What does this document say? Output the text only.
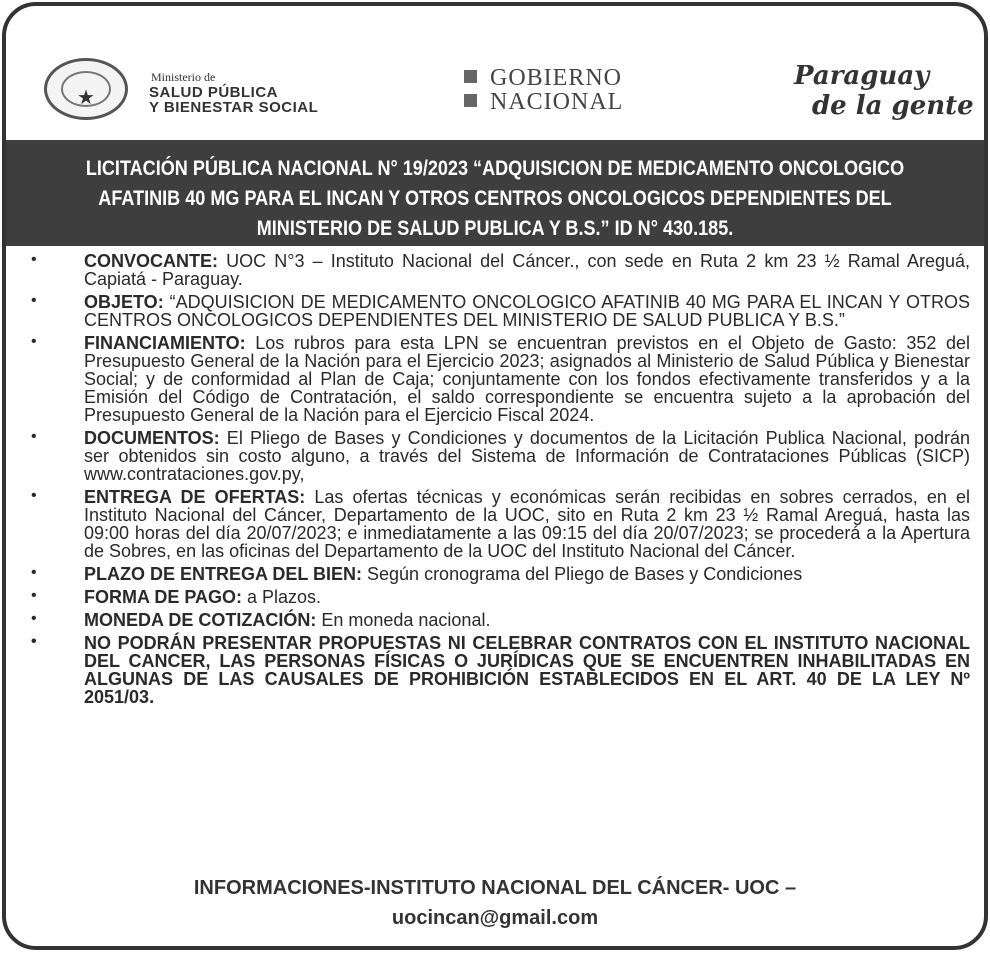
★
Ministerio de
SALUD PÚBLICA
Y BIENESTAR SOCIAL
GOBIERNO
NACIONAL
Paraguay
de la gente
LICITACIÓN PÚBLICA NACIONAL N° 19/2023 “ADQUISICION DE MEDICAMENTO ONCOLOGICO AFATINIB 40 MG PARA EL INCAN Y OTROS CENTROS ONCOLOGICOS DEPENDIENTES DEL MINISTERIO DE SALUD PUBLICA Y B.S.” ID N° 430.185.
•	CONVOCANTE: UOC N°3 – Instituto Nacional del Cáncer., con sede en Ruta 2 km 23 ½ Ramal Areguá, Capiatá - Paraguay.
•	OBJETO: “ADQUISICION DE MEDICAMENTO ONCOLOGICO AFATINIB 40 MG PARA EL INCAN Y OTROS CENTROS ONCOLOGICOS DEPENDIENTES DEL MINISTERIO DE SALUD PUBLICA Y B.S.”
•	FINANCIAMIENTO: Los rubros para esta LPN se encuentran previstos en el Objeto de Gasto: 352 del Presupuesto General de la Nación para el Ejercicio 2023; asignados al Ministerio de Salud Pública y Bienestar Social; y de conformidad al Plan de Caja; conjuntamente con los fondos efectivamente transferidos y a la Emisión del Código de Contratación, el saldo correspondiente se encuentra sujeto a la aprobación del Presupuesto General de la Nación para el Ejercicio Fiscal 2024.
•	DOCUMENTOS: El Pliego de Bases y Condiciones y documentos de la Licitación Publica Nacional, podrán ser obtenidos sin costo alguno, a través del Sistema de Información de Contrataciones Públicas (SICP) www.contrataciones.gov.py,
•	ENTREGA DE OFERTAS: Las ofertas técnicas y económicas serán recibidas en sobres cerrados, en el Instituto Nacional del Cáncer, Departamento de la UOC, sito en Ruta 2 km 23 ½ Ramal Areguá, hasta las 09:00 horas del día 20/07/2023; e inmediatamente a las 09:15 del día 20/07/2023; se procederá a la Apertura de Sobres, en las oficinas del Departamento de la UOC del Instituto Nacional del Cáncer.
•	PLAZO DE ENTREGA DEL BIEN: Según cronograma del Pliego de Bases y Condiciones
•	FORMA DE PAGO: a Plazos.
•	MONEDA DE COTIZACIÓN: En moneda nacional.
•	NO PODRÁN PRESENTAR PROPUESTAS NI CELEBRAR CONTRATOS CON EL INSTITUTO NACIONAL DEL CANCER, LAS PERSONAS FÍSICAS O JURÍDICAS QUE SE ENCUENTREN INHABILITADAS EN ALGUNAS DE LAS CAUSALES DE PROHIBICIÓN ESTABLECIDOS EN EL ART. 40 DE LA LEY Nº 2051/03.
INFORMACIONES-INSTITUTO NACIONAL DEL CÁNCER- UOC –
uocincan@gmail.com
